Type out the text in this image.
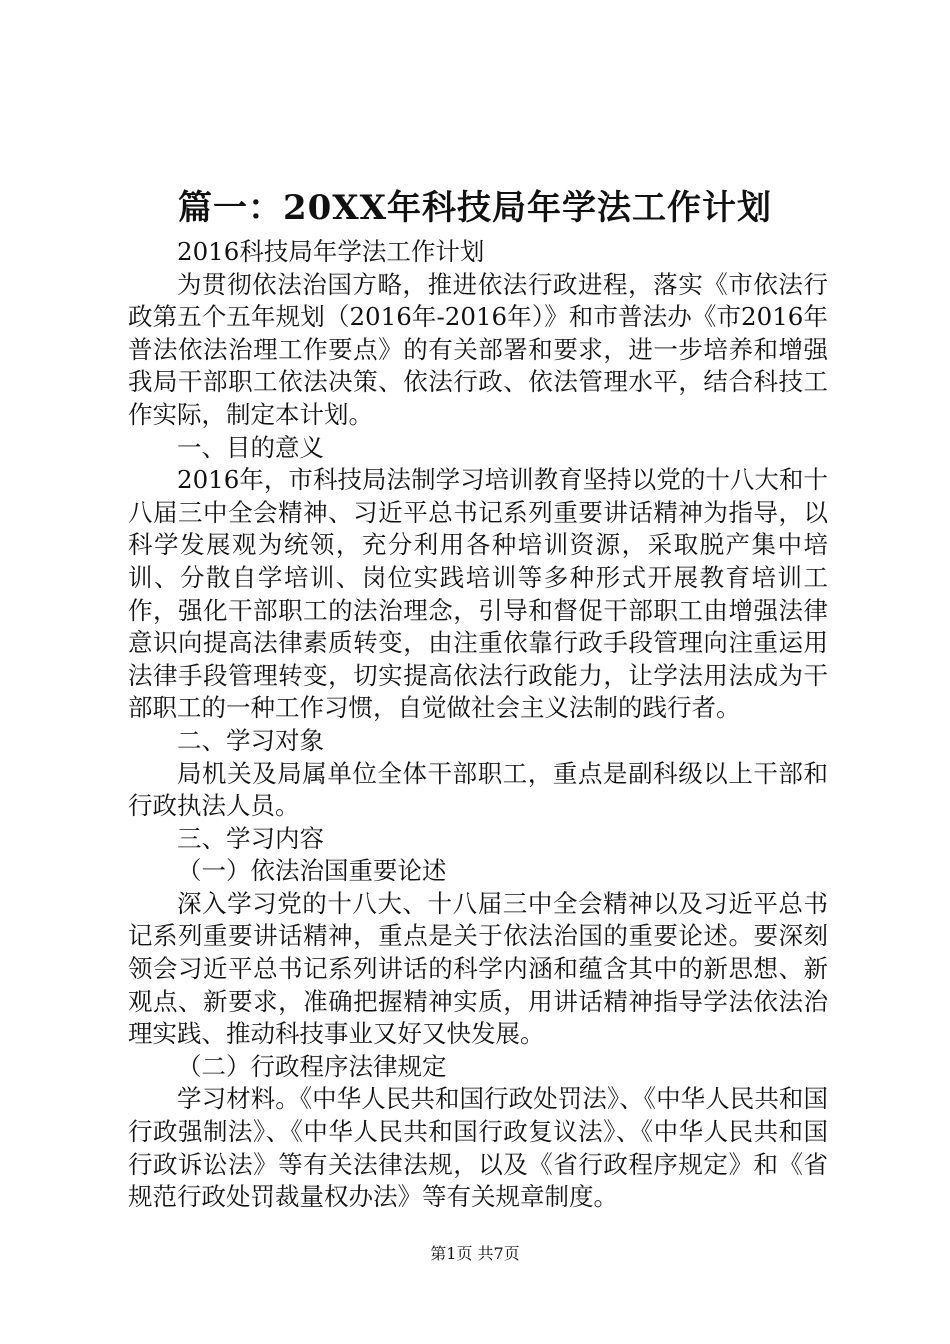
篇一：20XX年科技局年学法工作计划

2016科技局年学法工作计划

为贯彻依法治国方略，推进依法行政进程，落实《市依法行政第五个五年规划（2016年-2016年）》和市普法办《市2016年普法依法治理工作要点》的有关部署和要求，进一步培养和增强我局干部职工依法决策、依法行政、依法管理水平，结合科技工作实际，制定本计划。

一、目的意义

2016年，市科技局法制学习培训教育坚持以党的十八大和十八届三中全会精神、习近平总书记系列重要讲话精神为指导，以科学发展观为统领，充分利用各种培训资源，采取脱产集中培训、分散自学培训、岗位实践培训等多种形式开展教育培训工作，强化干部职工的法治理念，引导和督促干部职工由增强法律意识向提高法律素质转变，由注重依靠行政手段管理向注重运用法律手段管理转变，切实提高依法行政能力，让学法用法成为干部职工的一种工作习惯，自觉做社会主义法制的践行者。

二、学习对象

局机关及局属单位全体干部职工，重点是副科级以上干部和行政执法人员。

三、学习内容

（一）依法治国重要论述

深入学习党的十八大、十八届三中全会精神以及习近平总书记系列重要讲话精神，重点是关于依法治国的重要论述。要深刻领会习近平总书记系列讲话的科学内涵和蕴含其中的新思想、新观点、新要求，准确把握精神实质，用讲话精神指导学法依法治理实践、推动科技事业又好又快发展。

（二）行政程序法律规定

学习材料。《中华人民共和国行政处罚法》、《中华人民共和国行政强制法》、《中华人民共和国行政复议法》、《中华人民共和国行政诉讼法》等有关法律法规，以及《省行政程序规定》和《省规范行政处罚裁量权办法》等有关规章制度。

第1页 共7页
